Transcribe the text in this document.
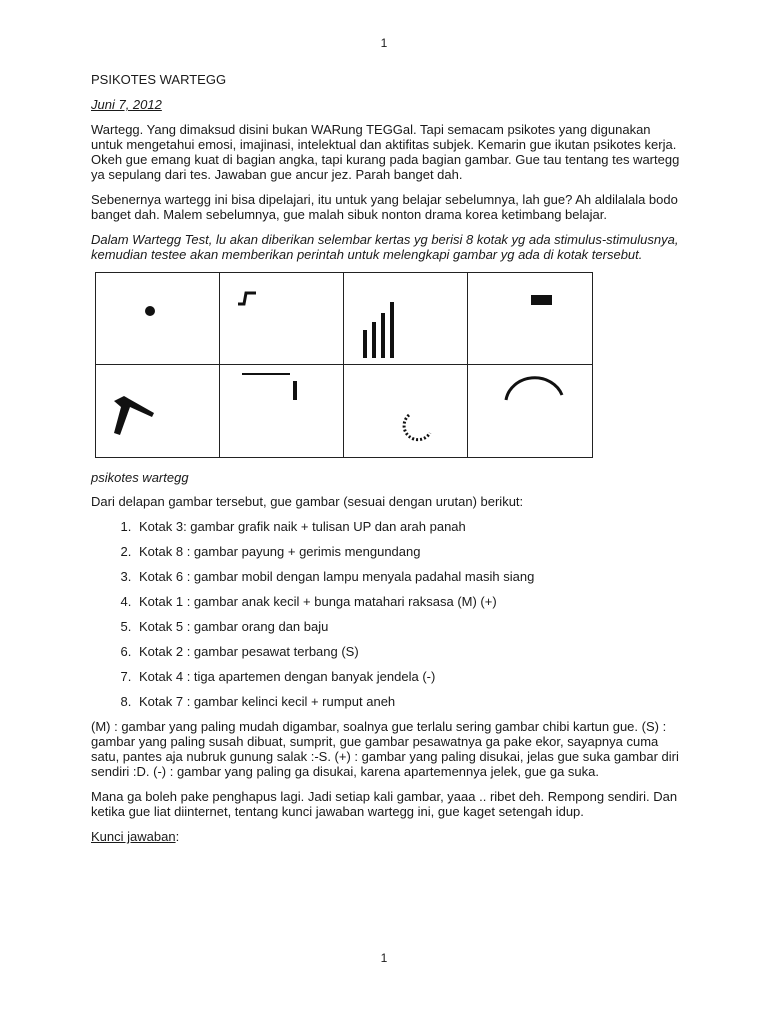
1
PSIKOTES WARTEGG
Juni 7, 2012

Wartegg. Yang dimaksud disini bukan WARung TEGGal. Tapi semacam psikotes yang digunakan untuk mengetahui emosi, imajinasi, intelektual dan aktifitas subjek. Kemarin gue ikutan psikotes kerja. Okeh gue emang kuat di bagian angka, tapi kurang pada bagian gambar. Gue tau tentang tes wartegg ya sepulang dari tes. Jawaban gue ancur jez. Parah banget dah.

Sebenernya wartegg ini bisa dipelajari, itu untuk yang belajar sebelumnya, lah gue? Ah aldilalala bodo banget dah. Malem sebelumnya, gue malah sibuk nonton drama korea ketimbang belajar.

Dalam Wartegg Test, lu akan diberikan selembar kertas yg berisi 8 kotak yg ada stimulus-stimulusnya, kemudian testee akan memberikan perintah untuk melengkapi gambar yg ada di kotak tersebut.

psikotes wartegg

Dari delapan gambar tersebut, gue gambar (sesuai dengan urutan) berikut:

1. Kotak 3: gambar grafik naik + tulisan UP dan arah panah
2. Kotak 8 : gambar payung + gerimis mengundang
3. Kotak 6 : gambar mobil dengan lampu menyala padahal masih siang
4. Kotak 1 : gambar anak kecil + bunga matahari raksasa (M) (+)
5. Kotak 5 : gambar orang dan baju
6. Kotak 2 : gambar pesawat terbang (S)
7. Kotak 4 : tiga apartemen dengan banyak jendela (-)
8. Kotak 7 : gambar kelinci kecil + rumput aneh

(M) : gambar yang paling mudah digambar, soalnya gue terlalu sering gambar chibi kartun gue. (S) : gambar yang paling susah dibuat, sumprit, gue gambar pesawatnya ga pake ekor, sayapnya cuma satu, pantes aja nubruk gunung salak :-S. (+) : gambar yang paling disukai, jelas gue suka gambar diri sendiri :D. (-) : gambar yang paling ga disukai, karena apartemennya jelek, gue ga suka.

Mana ga boleh pake penghapus lagi. Jadi setiap kali gambar, yaaa .. ribet deh. Rempong sendiri. Dan ketika gue liat diinternet, tentang kunci jawaban wartegg ini, gue kaget setengah idup.

Kunci jawaban:

1
